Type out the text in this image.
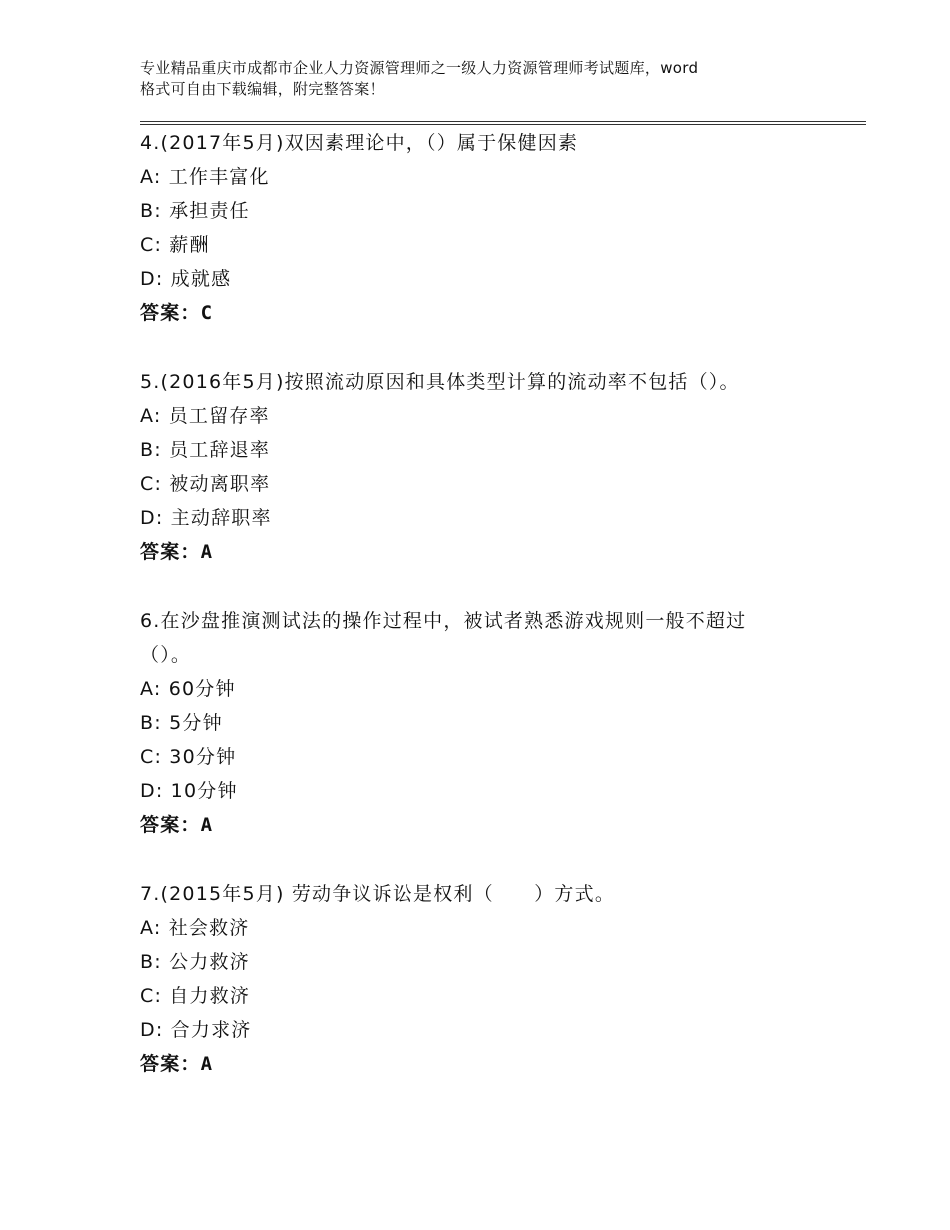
专业精品重庆市成都市企业人力资源管理师之一级人力资源管理师考试题库，word
格式可自由下载编辑，附完整答案！
4.(2017年5月)双因素理论中，（）属于保健因素
A: 工作丰富化
B: 承担责任
C: 薪酬
D: 成就感
答案：C
5.(2016年5月)按照流动原因和具体类型计算的流动率不包括（）。
A: 员工留存率
B: 员工辞退率
C: 被动离职率
D: 主动辞职率
答案：A
6.在沙盘推演测试法的操作过程中，被试者熟悉游戏规则一般不超过
（）。
A: 60分钟
B: 5分钟
C: 30分钟
D: 10分钟
答案：A
7.(2015年5月) 劳动争议诉讼是权利（　　）方式。
A: 社会救济
B: 公力救济
C: 自力救济
D: 合力求济
答案：A
